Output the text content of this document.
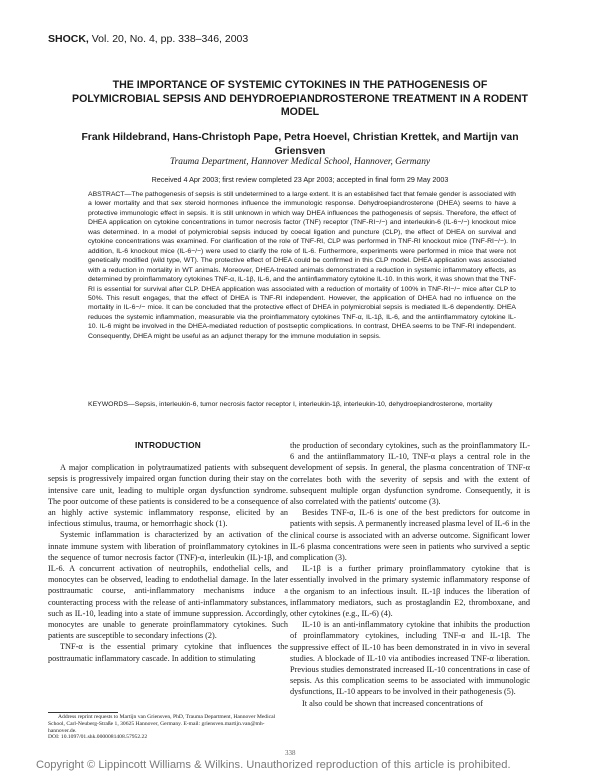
SHOCK, Vol. 20, No. 4, pp. 338–346, 2003
THE IMPORTANCE OF SYSTEMIC CYTOKINES IN THE PATHOGENESIS OF POLYMICROBIAL SEPSIS AND DEHYDROEPIANDROSTERONE TREATMENT IN A RODENT MODEL
Frank Hildebrand, Hans-Christoph Pape, Petra Hoevel, Christian Krettek, and Martijn van Griensven
Trauma Department, Hannover Medical School, Hannover, Germany
Received 4 Apr 2003; first review completed 23 Apr 2003; accepted in final form 29 May 2003
ABSTRACT—The pathogenesis of sepsis is still undetermined to a large extent. It is an established fact that female gender is associated with a lower mortality and that sex steroid hormones influence the immunologic response. Dehydroepiandrosterone (DHEA) seems to have a protective immunologic effect in sepsis. It is still unknown in which way DHEA influences the pathogenesis of sepsis. Therefore, the effect of DHEA application on cytokine concentrations in tumor necrosis factor (TNF) receptor (TNF-RI−/−) and interleukin-6 (IL-6−/−) knockout mice was determined. In a model of polymicrobial sepsis induced by coecal ligation and puncture (CLP), the effect of DHEA on survival and cytokine concentrations was examined. For clarification of the role of TNF-RI, CLP was performed in TNF-RI knockout mice (TNF-RI−/−). In addition, IL-6 knockout mice (IL-6−/−) were used to clarify the role of IL-6. Furthermore, experiments were performed in mice that were not genetically modified (wild type, WT). The protective effect of DHEA could be confirmed in this CLP model. DHEA application was associated with a reduction in mortality in WT animals. Moreover, DHEA-treated animals demonstrated a reduction in systemic inflammatory effects, as determined by proinflammatory cytokines TNF-α, IL-1β, IL-6, and the antiinflammatory cytokine IL-10. In this work, it was shown that the TNF-RI is essential for survival after CLP. DHEA application was associated with a reduction of mortality of 100% in TNF-RI−/− mice after CLP to 50%. This result engages, that the effect of DHEA is TNF-RI independent. However, the application of DHEA had no influence on the mortality in IL-6−/− mice. It can be concluded that the protective effect of DHEA in polymicrobial sepsis is mediated IL-6 dependently. DHEA reduces the systemic inflammation, measurable via the proinflammatory cytokines TNF-α, IL-1β, IL-6, and the antiinflammatory cytokine IL-10. IL-6 might be involved in the DHEA-mediated reduction of postseptic complications. In contrast, DHEA seems to be TNF-RI independent. Consequently, DHEA might be useful as an adjunct therapy for the immune modulation in sepsis.
KEYWORDS—Sepsis, interleukin-6, tumor necrosis factor receptor I, interleukin-1β, interleukin-10, dehydroepiandrosterone, mortality
INTRODUCTION

A major complication in polytraumatized patients with subsequent sepsis is progressively impaired organ function during their stay on the intensive care unit, leading to multiple organ dysfunction syndrome. The poor outcome of these patients is considered to be a consequence of an highly active systemic inflammatory response, elicited by an infectious stimulus, trauma, or hemorrhagic shock (1).

Systemic inflammation is characterized by an activation of the innate immune system with liberation of proinflammatory cytokines in the sequence of tumor necrosis factor (TNF)-α, interleukin (IL)-1β, and IL-6. A concurrent activation of neutrophils, endothelial cells, and monocytes can be observed, leading to endothelial damage. In the later posttraumatic course, anti-inflammatory mechanisms induce a counteracting process with the release of anti-inflammatory substances, such as IL-10, leading into a state of immune suppression. Accordingly, monocytes are unable to generate proinflammatory cytokines. Such patients are susceptible to secondary infections (2).

TNF-α is the essential primary cytokine that influences the posttraumatic inflammatory cascade. In addition to stimulating

the production of secondary cytokines, such as the proinflammatory IL-6 and the antiinflammatory IL-10, TNF-α plays a central role in the development of sepsis. In general, the plasma concentration of TNF-α correlates both with the severity of sepsis and with the extent of subsequent multiple organ dysfunction syndrome. Consequently, it is also correlated with the patients' outcome (3).

Besides TNF-α, IL-6 is one of the best predictors for outcome in patients with sepsis. A permanently increased plasma level of IL-6 in the clinical course is associated with an adverse outcome. Significant lower IL-6 plasma concentrations were seen in patients who survived a septic complication (3).

IL-1β is a further primary proinflammatory cytokine that is essentially involved in the primary systemic inflammatory response of the organism to an infectious insult. IL-1β induces the liberation of inflammatory mediators, such as prostaglandin E2, thromboxane, and other cytokines (e.g., IL-6) (4).

IL-10 is an anti-inflammatory cytokine that inhibits the production of proinflammatory cytokines, including TNF-α and IL-1β. The suppressive effect of IL-10 has been demonstrated in in vivo in several studies. A blockade of IL-10 via antibodies increased TNF-α liberation. Previous studies demonstrated increased IL-10 concentrations in case of sepsis. As this complication seems to be associated with immunologic dysfunctions, IL-10 appears to be involved in their pathogenesis (5).

It also could be shown that increased concentrations of

Address reprint requests to Martijn van Griensven, PhD, Trauma Department, Hannover Medical School, Carl-Neuberg-Straße 1, 30625 Hannover, Germany. E-mail: griensven.martijn.van@mh-hannover.de.
DOI: 10.1097/01.shk.0000081408.57952.22
338
Copyright © Lippincott Williams & Wilkins. Unauthorized reproduction of this article is prohibited.
